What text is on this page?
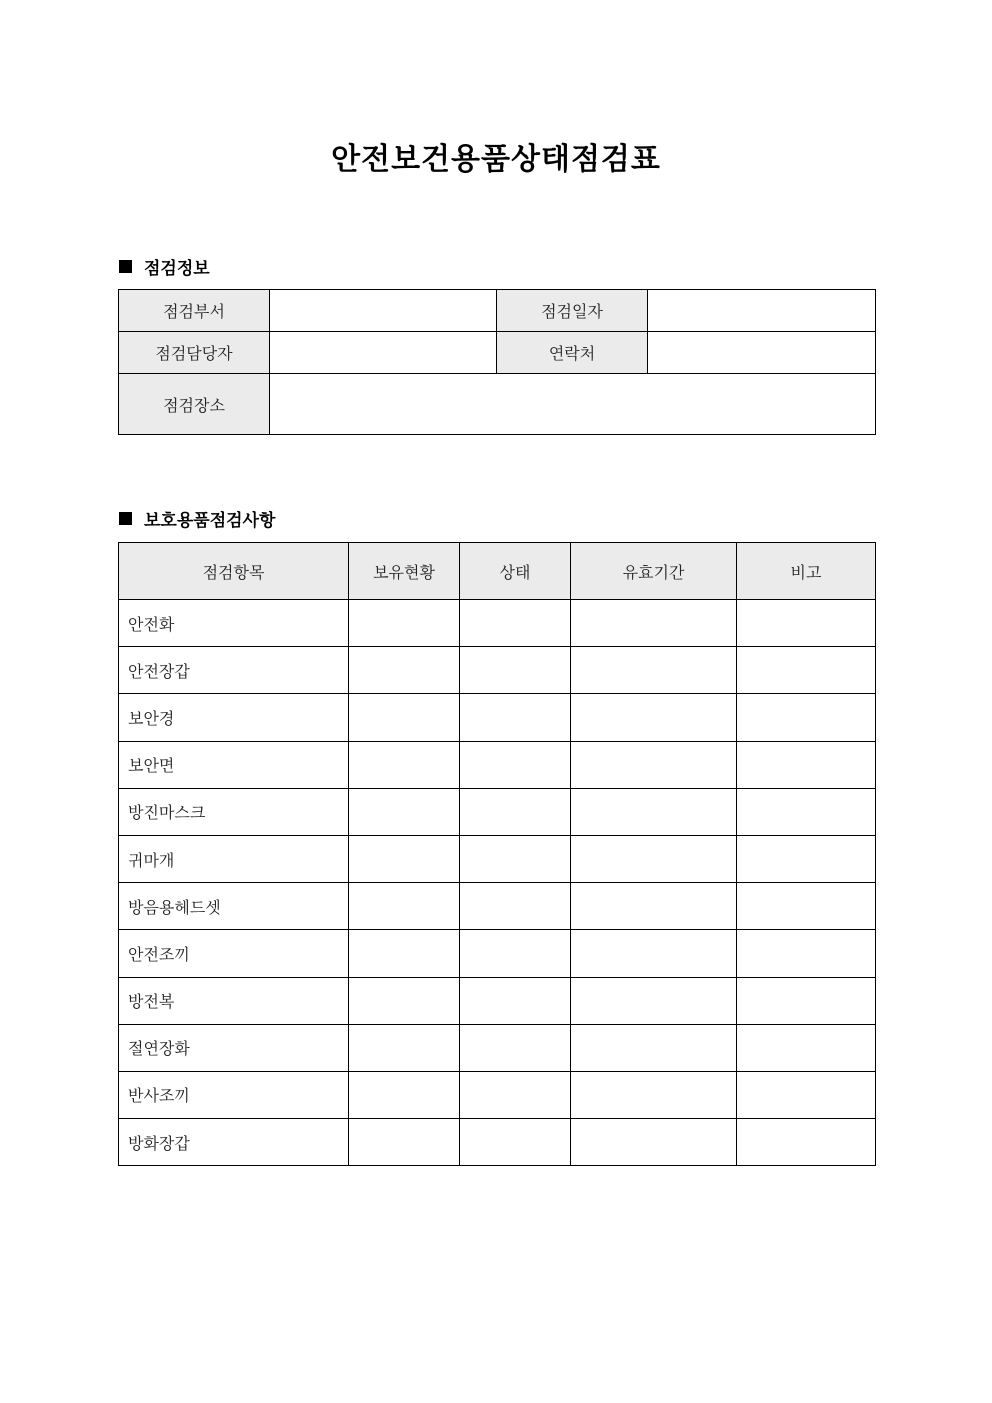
안전보건용품상태점검표
점검정보
점검부서		점검일자	
점검담당자		연락처	
점검장소			
보호용품점검사항
점검항목	보유현황	상태	유효기간	비고
안전화				
안전장갑				
보안경				
보안면				
방진마스크				
귀마개				
방음용헤드셋				
안전조끼				
방전복				
절연장화				
반사조끼				
방화장갑				
